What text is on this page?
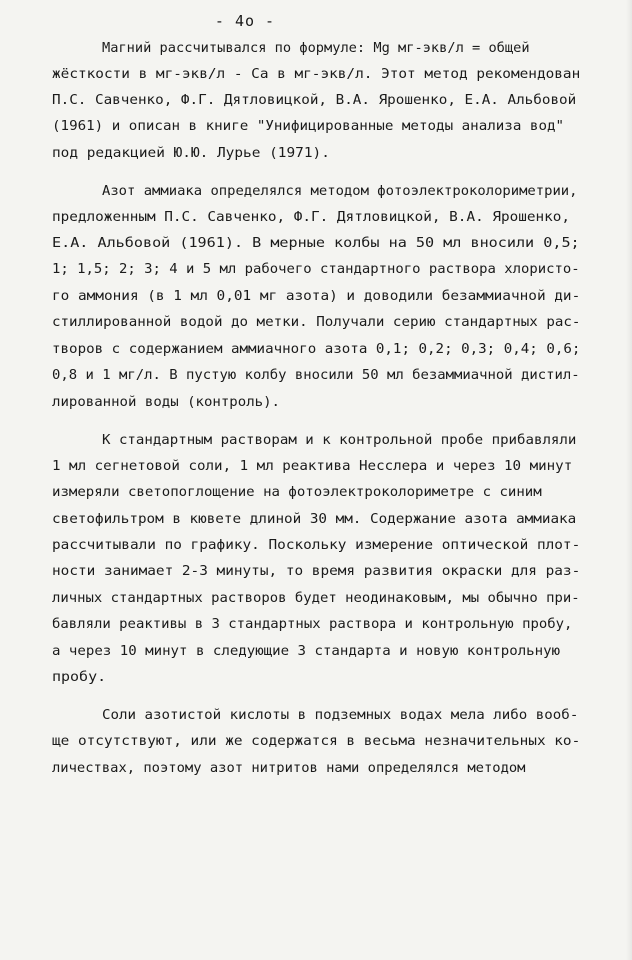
- 4o -
Магний рассчитывался по формуле: Mg мг-экв/л = общей
жёсткости в мг-экв/л - Са в мг-экв/л. Этот метод рекомендован
П.С. Савченко, Ф.Г. Дятловицкой, В.А. Ярошенко, Е.А. Альбовой
(1961) и описан в книге "Унифицированные методы анализа вод"
под редакцией Ю.Ю. Лурье (1971).
Азот аммиака определялся методом фотоэлектроколориметрии,
предложенным П.С. Савченко, Ф.Г. Дятловицкой, В.А. Ярошенко,
Е.А. Альбовой (1961). В мерные колбы на 50 мл вносили 0,5;
1; 1,5; 2; 3; 4 и 5 мл рабочего стандартного раствора хлористо-
го аммония (в 1 мл 0,01 мг азота) и доводили безаммиачной ди-
стиллированной водой до метки. Получали серию стандартных рас-
творов с содержанием аммиачного азота 0,1; 0,2; 0,3; 0,4; 0,6;
0,8 и 1 мг/л. В пустую колбу вносили 50 мл безаммиачной дистил-
лированной воды (контроль).
К стандартным растворам и к контрольной пробе прибавляли
1 мл сегнетовой соли, 1 мл реактива Несслера и через 10 минут
измеряли светопоглощение на фотоэлектроколориметре с синим
светофильтром в кювете длиной 30 мм. Содержание азота аммиака
рассчитывали по графику. Поскольку измерение оптической плот-
ности занимает 2-3 минуты, то время развития окраски для раз-
личных стандартных растворов будет неодинаковым, мы обычно при-
бавляли реактивы в 3 стандартных раствора и контрольную пробу,
а через 10 минут в следующие 3 стандарта и новую контрольную
пробу.
Соли азотистой кислоты в подземных водах мела либо вооб-
ще отсутствуют, или же содержатся в весьма незначительных ко-
личествах, поэтому азот нитритов нами определялся методом
